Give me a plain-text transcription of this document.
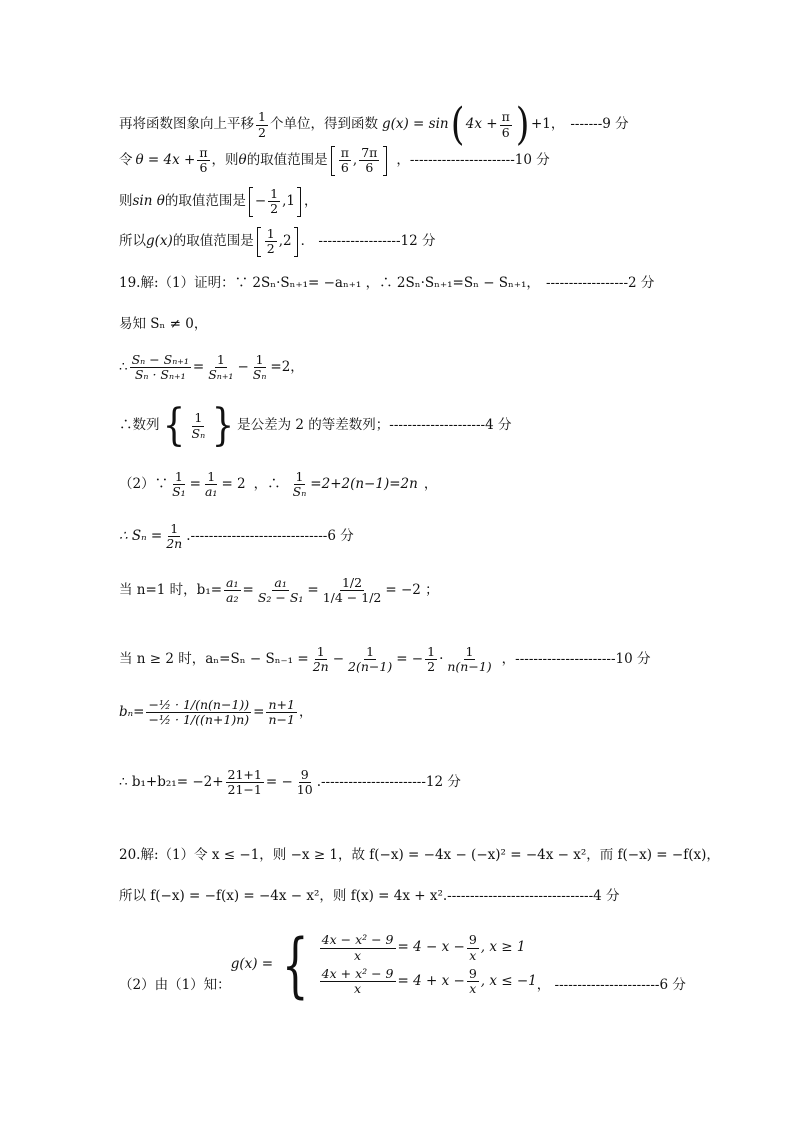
再将函数图象向上平移 $\frac{1}{2}$ 个单位，得到函数 g(x) = sin ( $4x + \frac{\pi}{6}$ ) +1， -------9 分
令 $\theta = 4x + \frac{\pi}{6}$ ，则 θ 的取值范围是 $\frac{\pi}{6}$ , $\frac{7\pi}{6}$ ，-----------------------10 分
则 sin θ 的取值范围是 − $\frac{1}{2} ,1$ ，
所以 g(x) 的取值范围是 $\frac{1}{2} ,2$ ． ------------------12 分
19.解:（1）证明：∵ 2Sₙ·Sₙ₊₁= −aₙ₊₁ ，∴ 2Sₙ·Sₙ₊₁=Sₙ − Sₙ₊₁， ------------------2 分
易知 Sₙ ≠ 0，
∴ $\frac{\text{Sₙ − Sₙ₊₁}}{\text{Sₙ · Sₙ₊₁}} = \frac{1}{\text{Sₙ₊₁}} - \frac{1}{\text{Sₙ}} =2$，
∴数列 { $\frac{1}{\text{Sₙ}}$ } 是公差为 2 的等差数列；---------------------4 分
（2）∵ $\frac{1}{\text{S₁}} = \frac{1}{\text{a₁}} = 2$ ，∴ $\frac{1}{\text{Sₙ}} =2+2(n-1)=2n$ ，
∴ $S_n = \frac{1}{2n} .------------------------------6$ 分
当 n=1 时，$b_1= \frac{\text{a₁}}{\text{a₂}} = \frac{\text{a₁}}{\text{S₂ − S₁}} = \frac{1/2}{1/4 - 1/2} = -2$ ；
当 n ≥ 2 时，$a_n=S_n - S_{n-1} = \frac{1}{2n} - \frac{1}{2(n-1)}$ = − $\frac{1}{2} \cdot \frac{1}{n(n-1)}$ ，----------------------10 分
$b_n= \frac{\text{−½ · 1/(n(n−1))}}{\text{−½ · 1/((n+1)n)}} = \frac{n+1}{n-1}$ ，
∴ $b_1+b_{21}= -2+ \frac{21+1}{21-1}$ = − $\frac{9}{10} .-----------------------12$ 分
20.解:（1）令 x ≤ −1，则 −x ≥ 1，故 f(−x) = −4x − (−x)² = −4x − x²，而 f(−x) = −f(x)，
所以 f(−x) = −f(x) = −4x − x²，则 f(x) = 4x + x². --------------------------------4 分
（2）由（1）知：
g(x) = { $\frac{\text{4x − x² − 9}}{x} = 4 - x - \frac{9}{x}$ , x ≥ 1
$\frac{\text{4x + x² − 9}}{x} = 4 + x - \frac{9}{x}$ , x ≤ −1 ， -----------------------6 分
